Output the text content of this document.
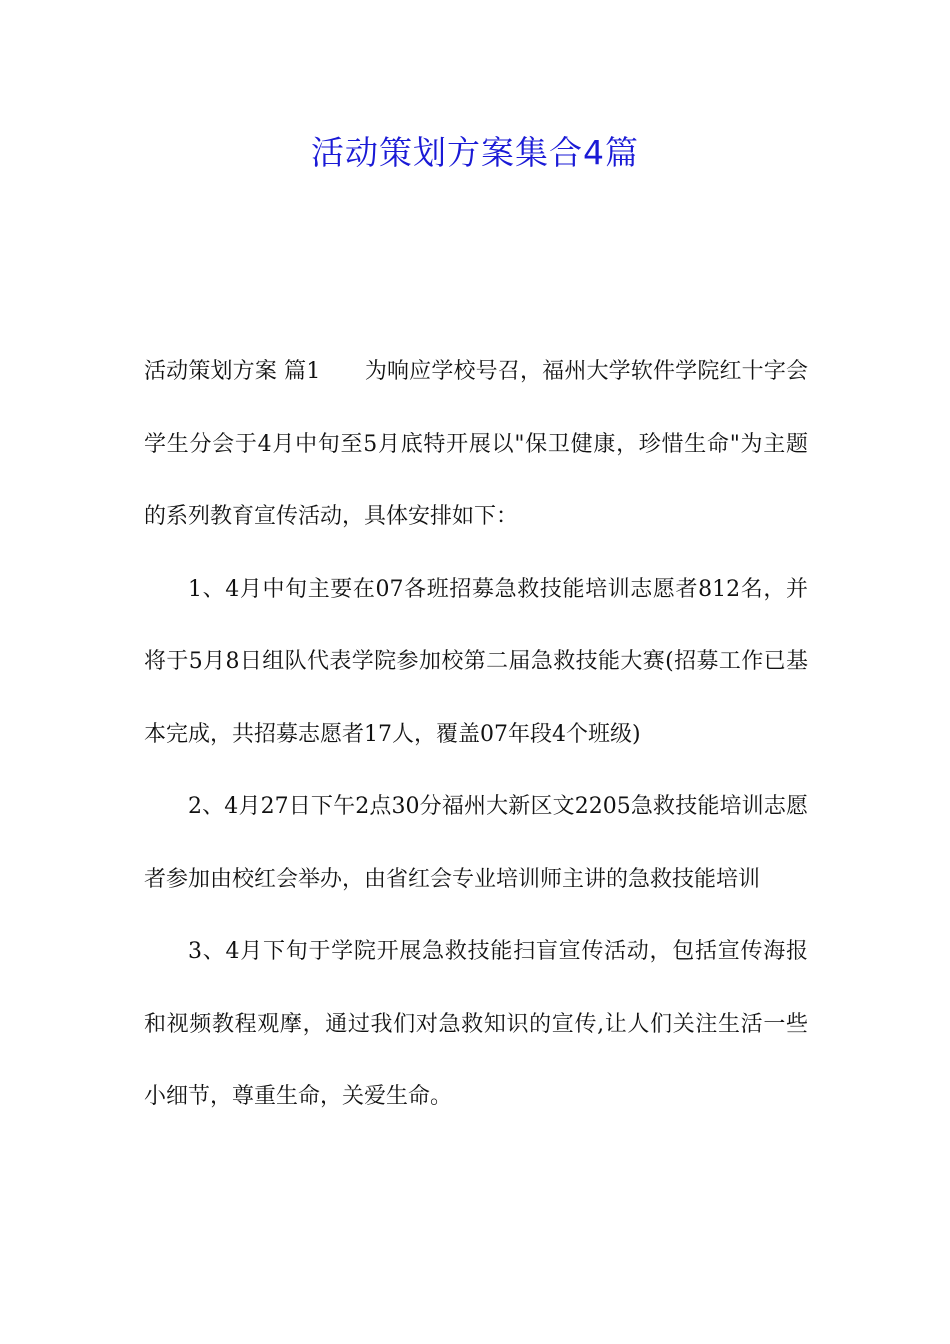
活动策划方案集合4篇

活动策划方案 篇1　　为响应学校号召，福州大学软件学院红十字会学生分会于4月中旬至5月底特开展以"保卫健康，珍惜生命"为主题的系列教育宣传活动，具体安排如下：

1、4月中旬主要在07各班招募急救技能培训志愿者812名，并将于5月8日组队代表学院参加校第二届急救技能大赛(招募工作已基本完成，共招募志愿者17人，覆盖07年段4个班级)

2、4月27日下午2点30分福州大新区文2205急救技能培训志愿者参加由校红会举办，由省红会专业培训师主讲的急救技能培训

3、4月下旬于学院开展急救技能扫盲宣传活动，包括宣传海报和视频教程观摩，通过我们对急救知识的宣传,让人们关注生活一些小细节，尊重生命，关爱生命。
